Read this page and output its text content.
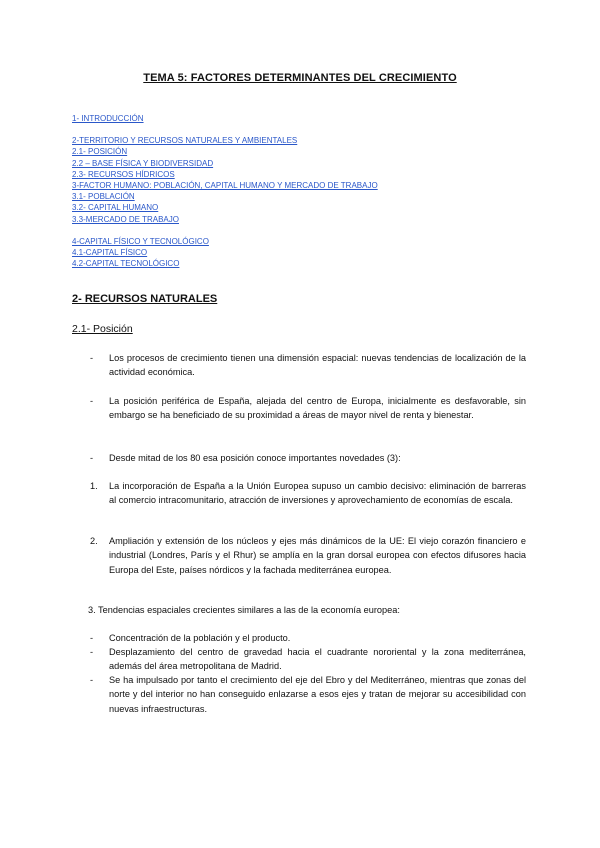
TEMA 5: FACTORES DETERMINANTES DEL CRECIMIENTO
1- INTRODUCCIÓN
2-TERRITORIO Y RECURSOS NATURALES Y AMBIENTALES
2.1- POSICIÓN
2.2 – BASE FÍSICA Y BIODIVERSIDAD
2.3- RECURSOS HÍDRICOS
3-FACTOR HUMANO: POBLACIÓN, CAPITAL HUMANO Y MERCADO DE TRABAJO
3.1- POBLACIÓN
3.2- CAPITAL HUMANO
3.3-MERCADO DE TRABAJO
4-CAPITAL FÍSICO Y TECNOLÓGICO
4.1-CAPITAL FÍSICO
4.2-CAPITAL TECNOLÓGICO
2- RECURSOS NATURALES
2.1- Posición
- Los procesos de crecimiento tienen una dimensión espacial: nuevas tendencias de localización de la actividad económica.
- La posición periférica de España, alejada del centro de Europa, inicialmente es desfavorable, sin embargo se ha beneficiado de su proximidad a áreas de mayor nivel de renta y bienestar.
- Desde mitad de los 80 esa posición conoce importantes novedades (3):
1. La incorporación de España a la Unión Europea supuso un cambio decisivo: eliminación de barreras al comercio intracomunitario, atracción de inversiones y aprovechamiento de economías de escala.
2. Ampliación y extensión de los núcleos y ejes más dinámicos de la UE: El viejo corazón financiero e industrial (Londres, París y el Rhur) se amplía en la gran dorsal europea con efectos difusores hacia Europa del Este, países nórdicos y la fachada mediterránea europea.
3. Tendencias espaciales crecientes similares a las de la economía europea:
- Concentración de la población y el producto.
- Desplazamiento del centro de gravedad hacia el cuadrante nororiental y la zona mediterránea, además del área metropolitana de Madrid.
- Se ha impulsado por tanto el crecimiento del eje del Ebro y del Mediterráneo, mientras que zonas del norte y del interior no han conseguido enlazarse a esos ejes y tratan de mejorar su accesibilidad con nuevas infraestructuras.
